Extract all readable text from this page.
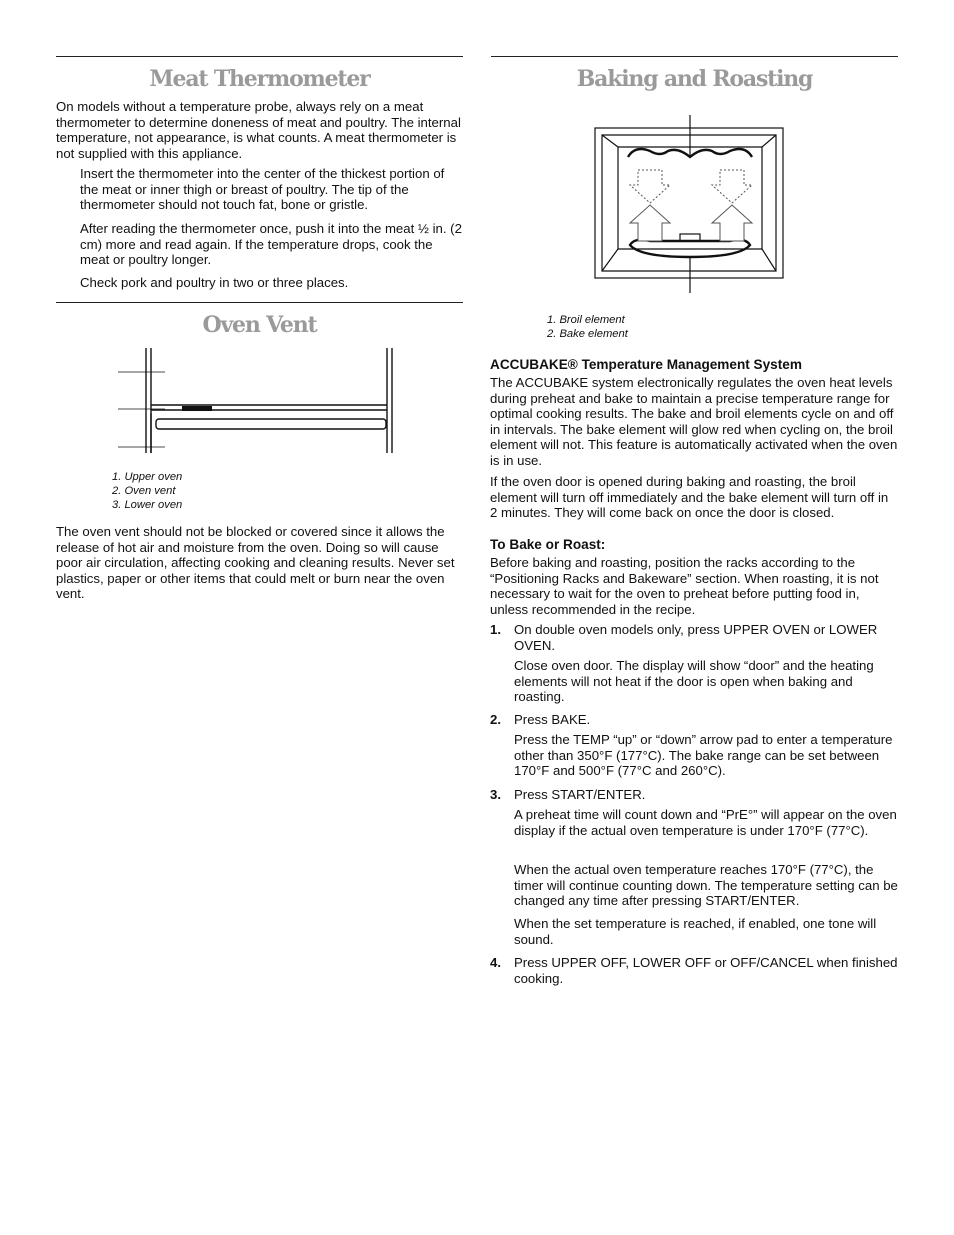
Meat Thermometer

On models without a temperature probe, always rely on a meat thermometer to determine doneness of meat and poultry. The internal temperature, not appearance, is what counts. A meat thermometer is not supplied with this appliance.

Insert the thermometer into the center of the thickest portion of the meat or inner thigh or breast of poultry. The tip of the thermometer should not touch fat, bone or gristle.

After reading the thermometer once, push it into the meat ½ in. (2 cm) more and read again. If the temperature drops, cook the meat or poultry longer.

Check pork and poultry in two or three places.

Oven Vent
1. Upper oven
2. Oven vent
3. Lower oven

The oven vent should not be blocked or covered since it allows the release of hot air and moisture from the oven. Doing so will cause poor air circulation, affecting cooking and cleaning results. Never set plastics, paper or other items that could melt or burn near the oven vent.

Baking and Roasting
1. Broil element
2. Bake element

ACCUBAKE® Temperature Management System

The ACCUBAKE system electronically regulates the oven heat levels during preheat and bake to maintain a precise temperature range for optimal cooking results. The bake and broil elements cycle on and off in intervals. The bake element will glow red when cycling on, the broil element will not. This feature is automatically activated when the oven is in use.

If the oven door is opened during baking and roasting, the broil element will turn off immediately and the bake element will turn off in 2 minutes. They will come back on once the door is closed.

To Bake or Roast:

Before baking and roasting, position the racks according to the “Positioning Racks and Bakeware” section. When roasting, it is not necessary to wait for the oven to preheat before putting food in, unless recommended in the recipe.

1. On double oven models only, press UPPER OVEN or LOWER OVEN.

Close oven door. The display will show “door” and the heating elements will not heat if the door is open when baking and roasting.

2. Press BAKE.

Press the TEMP “up” or “down” arrow pad to enter a temperature other than 350°F (177°C). The bake range can be set between 170°F and 500°F (77°C and 260°C).

3. Press START/ENTER.

A preheat time will count down and “PrE°” will appear on the oven display if the actual oven temperature is under 170°F (77°C).

When the actual oven temperature reaches 170°F (77°C), the timer will continue counting down. The temperature setting can be changed any time after pressing START/ENTER.

When the set temperature is reached, if enabled, one tone will sound.

4. Press UPPER OFF, LOWER OFF or OFF/CANCEL when finished cooking.
